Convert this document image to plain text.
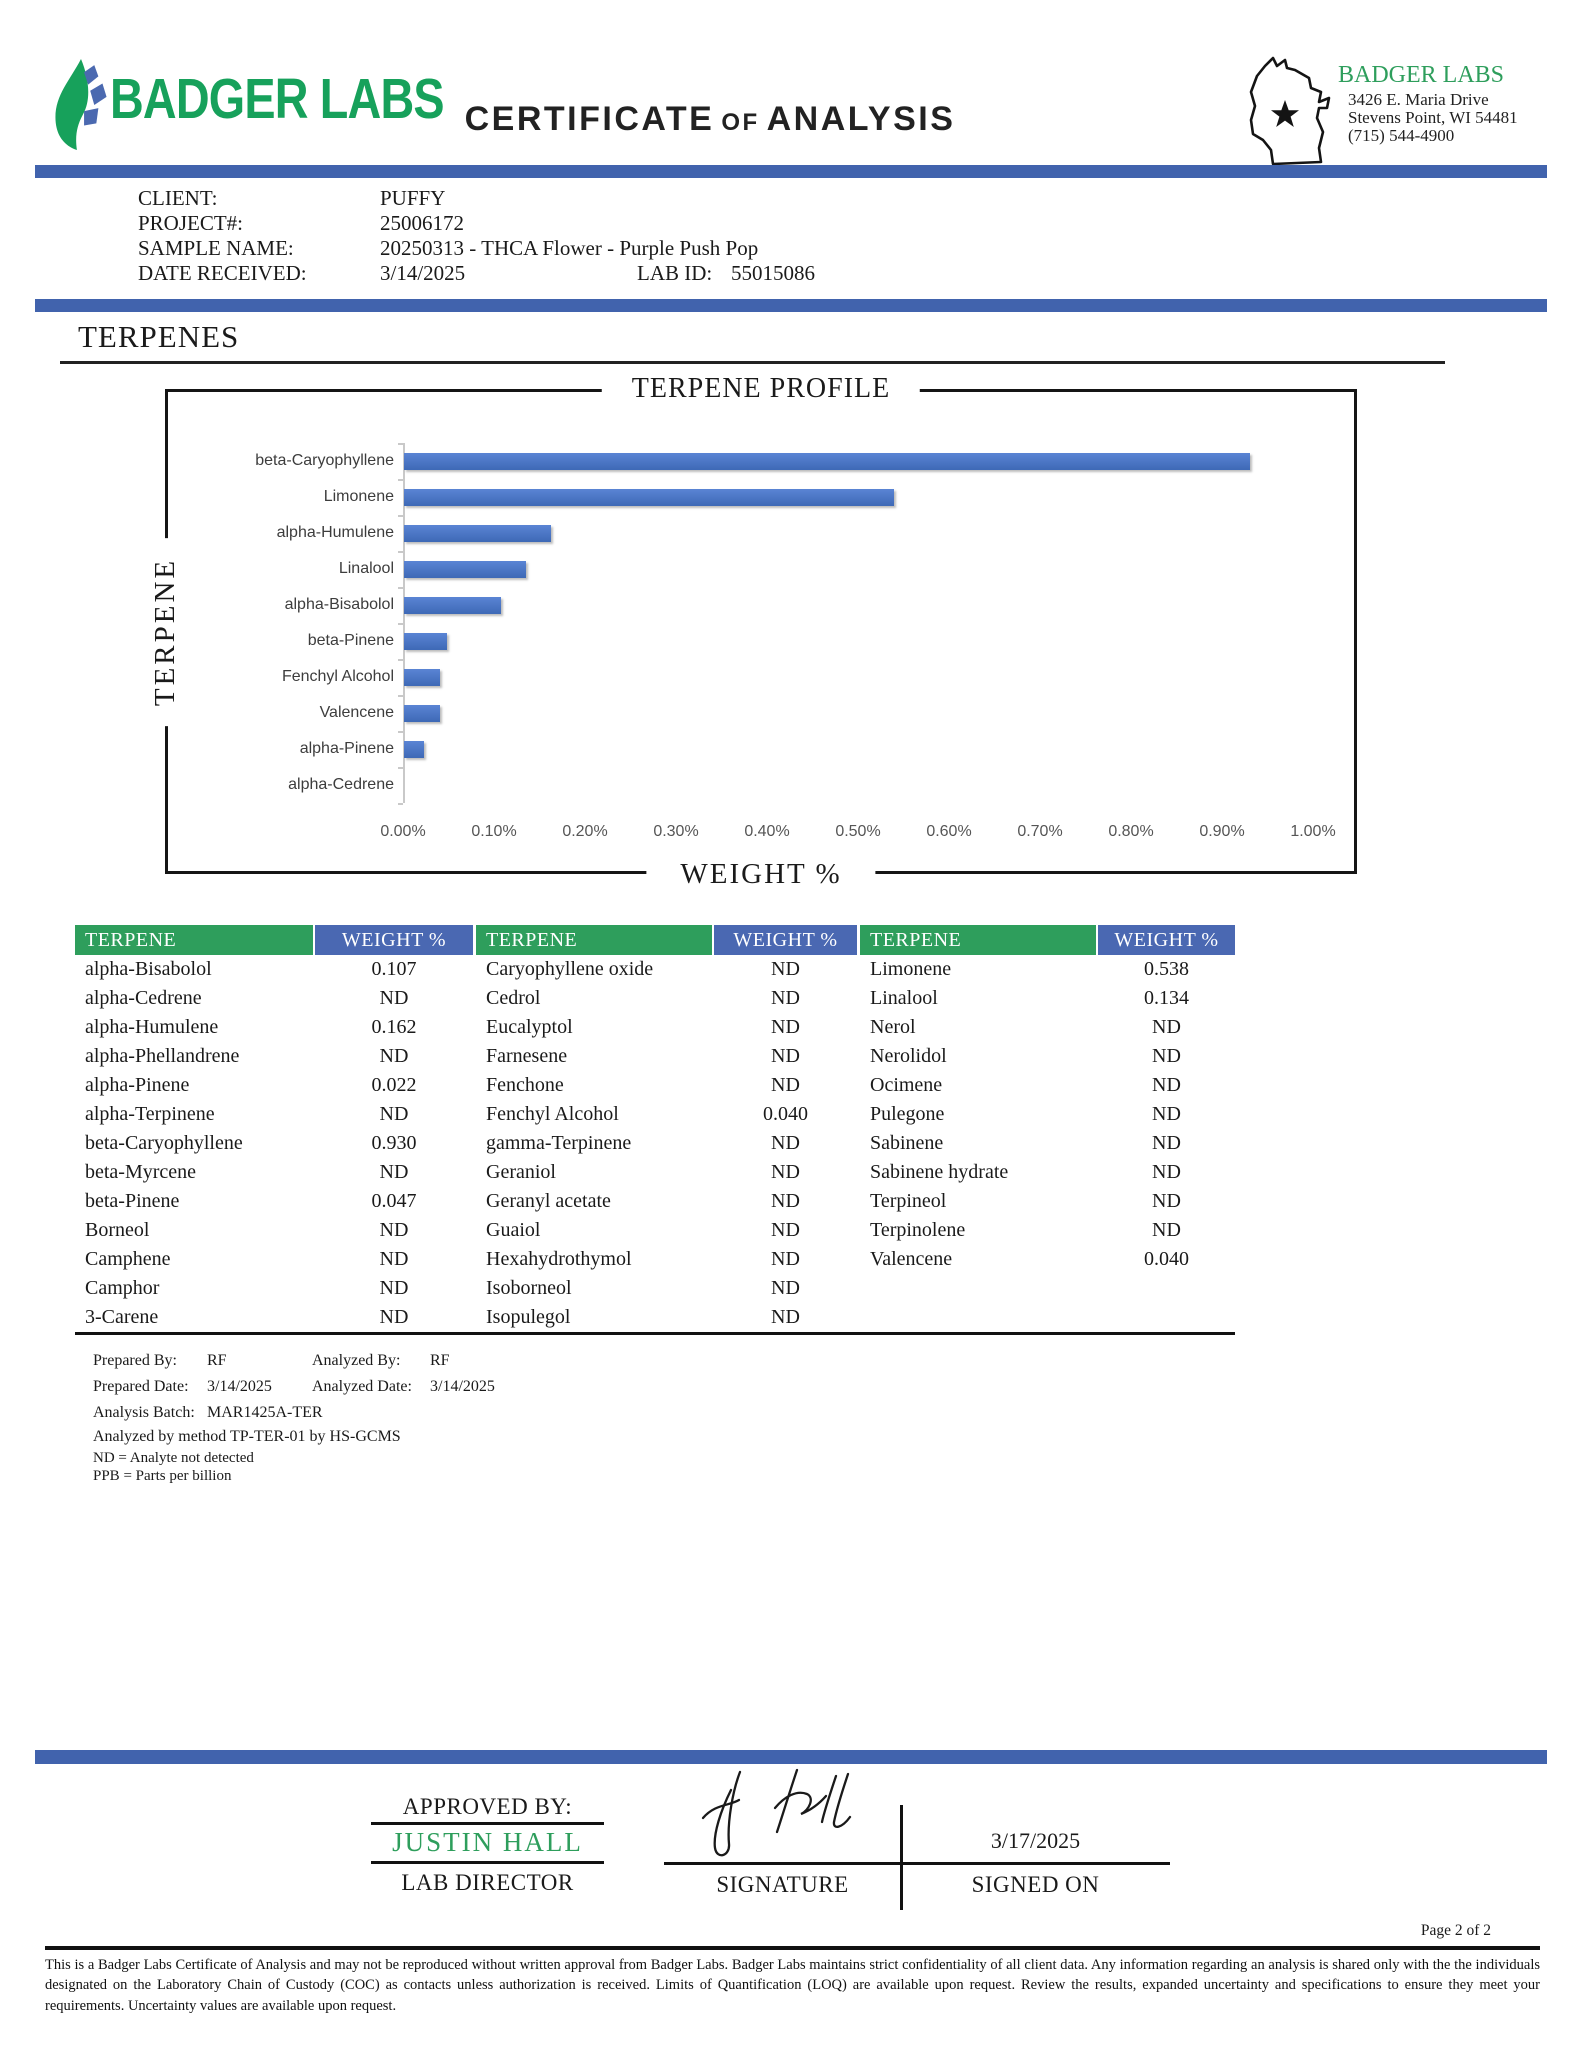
BADGER LABS CERTIFICATE OF ANALYSIS
BADGER LABS
3426 E. Maria Drive
Stevens Point, WI 54481
(715) 544-4900
CLIENT:	PUFFY
PROJECT#:	25006172
SAMPLE NAME:	20250313 - THCA Flower - Purple Push Pop
DATE RECEIVED:	3/14/2025	LAB ID: 55015086
TERPENES
TERPENE PROFILE
TERPENE
beta-Caryophyllene
Limonene
alpha-Humulene
Linalool
alpha-Bisabolol
beta-Pinene
Fenchyl Alcohol
Valencene
alpha-Pinene
alpha-Cedrene
0.00%	0.10%	0.20%	0.30%	0.40%	0.50%	0.60%	0.70%	0.80%	0.90%	1.00%
WEIGHT %
TERPENE	WEIGHT %
alpha-Bisabolol	0.107
alpha-Cedrene	ND
alpha-Humulene	0.162
alpha-Phellandrene	ND
alpha-Pinene	0.022
alpha-Terpinene	ND
beta-Caryophyllene	0.930
beta-Myrcene	ND
beta-Pinene	0.047
Borneol	ND
Camphene	ND
Camphor	ND
3-Carene	ND
TERPENE	WEIGHT %
Caryophyllene oxide	ND
Cedrol	ND
Eucalyptol	ND
Farnesene	ND
Fenchone	ND
Fenchyl Alcohol	0.040
gamma-Terpinene	ND
Geraniol	ND
Geranyl acetate	ND
Guaiol	ND
Hexahydrothymol	ND
Isoborneol	ND
Isopulegol	ND
TERPENE	WEIGHT %
Limonene	0.538
Linalool	0.134
Nerol	ND
Nerolidol	ND
Ocimene	ND
Pulegone	ND
Sabinene	ND
Sabinene hydrate	ND
Terpineol	ND
Terpinolene	ND
Valencene	0.040
Prepared By: RF	Analyzed By: RF
Prepared Date: 3/14/2025	Analyzed Date: 3/14/2025
Analysis Batch: MAR1425A-TER
Analyzed by method TP-TER-01 by HS-GCMS
ND = Analyte not detected
PPB = Parts per billion
APPROVED BY:
JUSTIN HALL
LAB DIRECTOR	SIGNATURE
3/17/2025
SIGNED ON
Page 2 of 2
This is a Badger Labs Certificate of Analysis and may not be reproduced without written approval from Badger Labs. Badger Labs maintains strict confidentiality of all client data. Any information regarding an analysis is shared only with the the individuals designated on the Laboratory Chain of Custody (COC) as contacts unless authorization is received. Limits of Quantification (LOQ) are available upon request. Review the results, expanded uncertainty and specifications to ensure they meet your requirements. Uncertainty values are available upon request.
